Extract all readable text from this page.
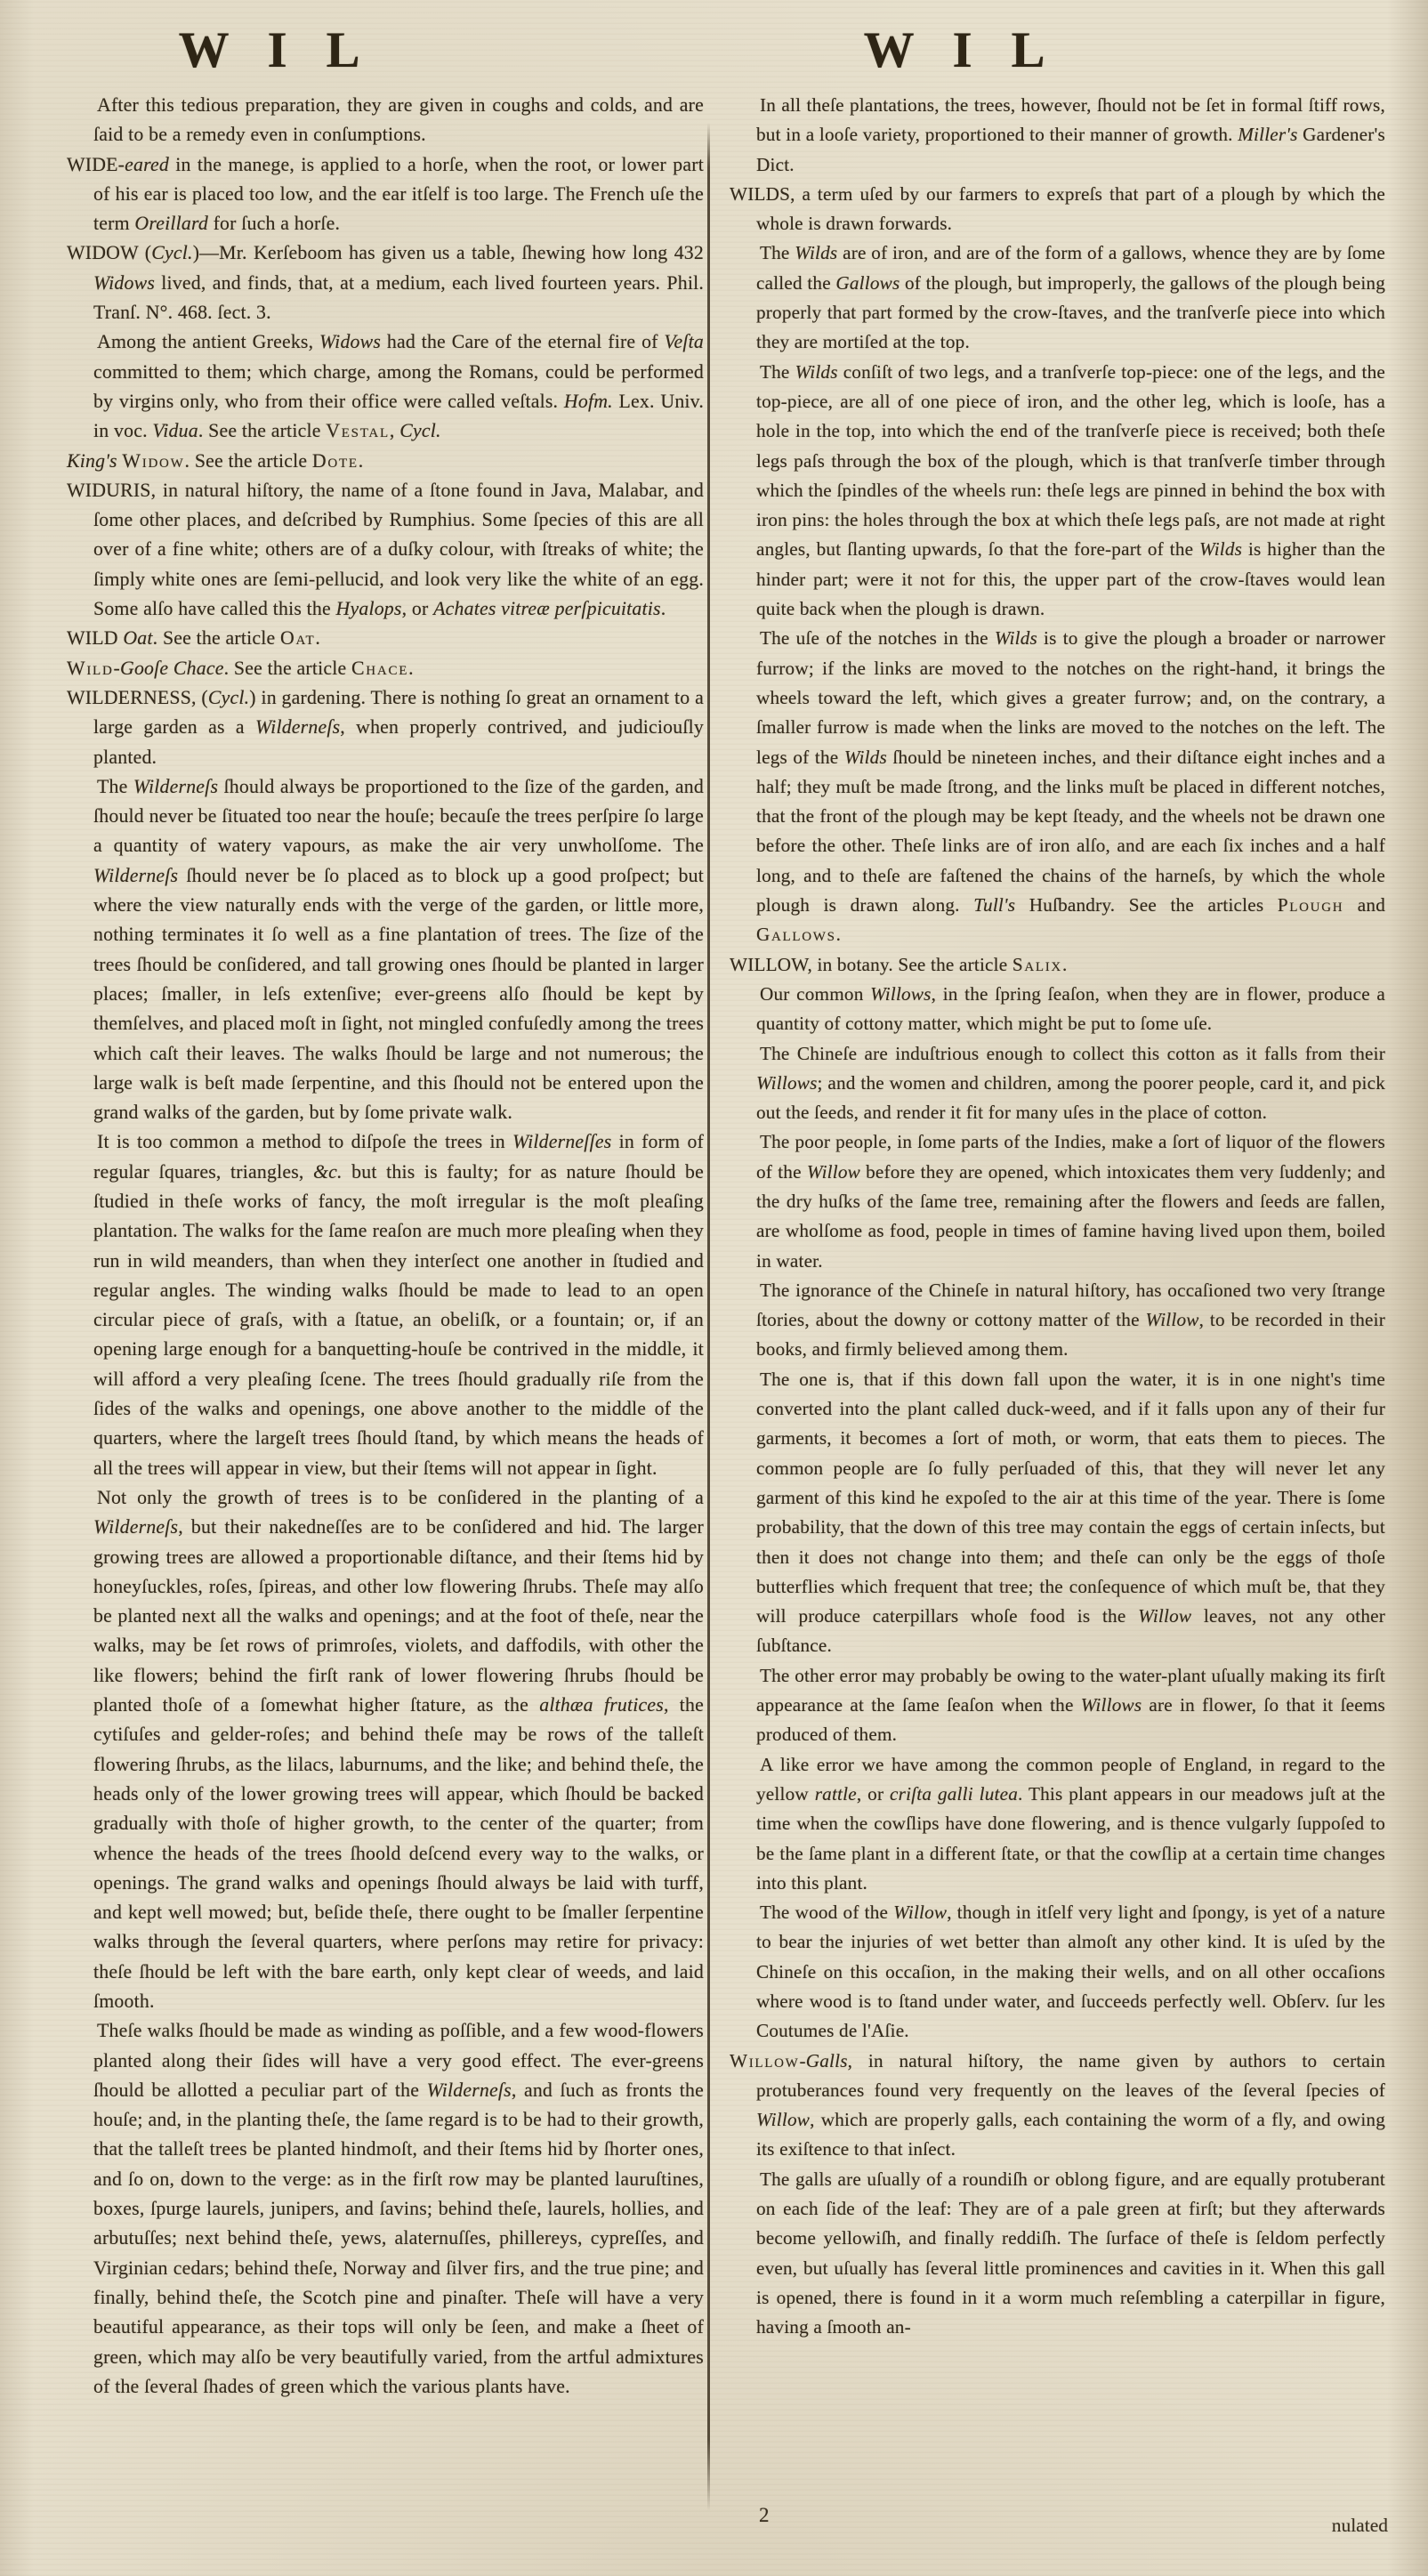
W I L	W I L

After this tedious preparation, they are given in coughs and colds, and are ſaid to be a remedy even in conſumptions.

WIDE-eared in the manege, is applied to a horſe, when the root, or lower part of his ear is placed too low, and the ear itſelf is too large. The French uſe the term Oreillard for ſuch a horſe.

WIDOW (Cycl.)—Mr. Kerſeboom has given us a table, ſhewing how long 432 Widows lived, and finds, that, at a medium, each lived fourteen years. Phil. Tranſ. N°. 468. ſect. 3.

Among the antient Greeks, Widows had the Care of the eternal fire of Veſta committed to them; which charge, among the Romans, could be performed by virgins only, who from their office were called veſtals. Hofm. Lex. Univ. in voc. Vidua. See the article Vestal, Cycl.

King's Widow. See the article Dote.

WIDURIS, in natural hiſtory, the name of a ſtone found in Java, Malabar, and ſome other places, and deſcribed by Rumphius. Some ſpecies of this are all over of a fine white; others are of a duſky colour, with ſtreaks of white; the ſimply white ones are ſemi-pellucid, and look very like the white of an egg. Some alſo have called this the Hyalops, or Achates vitreæ perſpicuitatis.

WILD Oat. See the article Oat.

Wild-Gooſe Chace. See the article Chace.

WILDERNESS, (Cycl.) in gardening. There is nothing ſo great an ornament to a large garden as a Wilderneſs, when properly contrived, and judiciouſly planted.

The Wilderneſs ſhould always be proportioned to the ſize of the garden, and ſhould never be ſituated too near the houſe; becauſe the trees perſpire ſo large a quantity of watery vapours, as make the air very unwholſome. The Wilderneſs ſhould never be ſo placed as to block up a good proſpect; but where the view naturally ends with the verge of the garden, or little more, nothing terminates it ſo well as a fine plantation of trees. The ſize of the trees ſhould be conſidered, and tall growing ones ſhould be planted in larger places; ſmaller, in leſs extenſive; ever-greens alſo ſhould be kept by themſelves, and placed moſt in ſight, not mingled confuſedly among the trees which caſt their leaves. The walks ſhould be large and not numerous; the large walk is beſt made ſerpentine, and this ſhould not be entered upon the grand walks of the garden, but by ſome private walk.

It is too common a method to diſpoſe the trees in Wilderneſſes in form of regular ſquares, triangles, &c. but this is faulty; for as nature ſhould be ſtudied in theſe works of fancy, the moſt irregular is the moſt pleaſing plantation. The walks for the ſame reaſon are much more pleaſing when they run in wild meanders, than when they interſect one another in ſtudied and regular angles. The winding walks ſhould be made to lead to an open circular piece of graſs, with a ſtatue, an obeliſk, or a fountain; or, if an opening large enough for a banquetting-houſe be contrived in the middle, it will afford a very pleaſing ſcene. The trees ſhould gradually riſe from the ſides of the walks and openings, one above another to the middle of the quarters, where the largeſt trees ſhould ſtand, by which means the heads of all the trees will appear in view, but their ſtems will not appear in ſight.

Not only the growth of trees is to be conſidered in the planting of a Wilderneſs, but their nakedneſſes are to be conſidered and hid. The larger growing trees are allowed a proportionable diſtance, and their ſtems hid by honeyſuckles, roſes, ſpireas, and other low flowering ſhrubs. Theſe may alſo be planted next all the walks and openings; and at the foot of theſe, near the walks, may be ſet rows of primroſes, violets, and daffodils, with other the like flowers; behind the firſt rank of lower flowering ſhrubs ſhould be planted thoſe of a ſomewhat higher ſtature, as the althæa frutices, the cytiſuſes and gelder-roſes; and behind theſe may be rows of the talleſt flowering ſhrubs, as the lilacs, laburnums, and the like; and behind theſe, the heads only of the lower growing trees will appear, which ſhould be backed gradually with thoſe of higher growth, to the center of the quarter; from whence the heads of the trees ſhoold deſcend every way to the walks, or openings. The grand walks and openings ſhould always be laid with turff, and kept well mowed; but, beſide theſe, there ought to be ſmaller ſerpentine walks through the ſeveral quarters, where perſons may retire for privacy: theſe ſhould be left with the bare earth, only kept clear of weeds, and laid ſmooth.

Theſe walks ſhould be made as winding as poſſible, and a few wood-flowers planted along their ſides will have a very good effect. The ever-greens ſhould be allotted a peculiar part of the Wilderneſs, and ſuch as fronts the houſe; and, in the planting theſe, the ſame regard is to be had to their growth, that the talleſt trees be planted hindmoſt, and their ſtems hid by ſhorter ones, and ſo on, down to the verge: as in the firſt row may be planted lauruſtines, boxes, ſpurge laurels, junipers, and ſavins; behind theſe, laurels, hollies, and arbutuſſes; next behind theſe, yews, alaternuſſes, phillereys, cypreſſes, and Virginian cedars; behind theſe, Norway and ſilver firs, and the true pine; and finally, behind theſe, the Scotch pine and pinaſter. Theſe will have a very beautiful appearance, as their tops will only be ſeen, and make a ſheet of green, which may alſo be very beautifully varied, from the artful admixtures of the ſeveral ſhades of green which the various plants have.

In all theſe plantations, the trees, however, ſhould not be ſet in formal ſtiff rows, but in a looſe variety, proportioned to their manner of growth. Miller's Gardener's Dict.

WILDS, a term uſed by our farmers to expreſs that part of a plough by which the whole is drawn forwards.

The Wilds are of iron, and are of the form of a gallows, whence they are by ſome called the Gallows of the plough, but improperly, the gallows of the plough being properly that part formed by the crow-ſtaves, and the tranſverſe piece into which they are mortiſed at the top.

The Wilds conſiſt of two legs, and a tranſverſe top-piece: one of the legs, and the top-piece, are all of one piece of iron, and the other leg, which is looſe, has a hole in the top, into which the end of the tranſverſe piece is received; both theſe legs paſs through the box of the plough, which is that tranſverſe timber through which the ſpindles of the wheels run: theſe legs are pinned in behind the box with iron pins: the holes through the box at which theſe legs paſs, are not made at right angles, but ſlanting upwards, ſo that the fore-part of the Wilds is higher than the hinder part; were it not for this, the upper part of the crow-ſtaves would lean quite back when the plough is drawn.

The uſe of the notches in the Wilds is to give the plough a broader or narrower furrow; if the links are moved to the notches on the right-hand, it brings the wheels toward the left, which gives a greater furrow; and, on the contrary, a ſmaller furrow is made when the links are moved to the notches on the left. The legs of the Wilds ſhould be nineteen inches, and their diſtance eight inches and a half; they muſt be made ſtrong, and the links muſt be placed in different notches, that the front of the plough may be kept ſteady, and the wheels not be drawn one before the other. Theſe links are of iron alſo, and are each ſix inches and a half long, and to theſe are faſtened the chains of the harneſs, by which the whole plough is drawn along. Tull's Huſbandry. See the articles Plough and Gallows.

WILLOW, in botany. See the article Salix.

Our common Willows, in the ſpring ſeaſon, when they are in flower, produce a quantity of cottony matter, which might be put to ſome uſe.

The Chineſe are induſtrious enough to collect this cotton as it falls from their Willows; and the women and children, among the poorer people, card it, and pick out the ſeeds, and render it fit for many uſes in the place of cotton.

The poor people, in ſome parts of the Indies, make a ſort of liquor of the flowers of the Willow before they are opened, which intoxicates them very ſuddenly; and the dry huſks of the ſame tree, remaining after the flowers and ſeeds are fallen, are wholſome as food, people in times of famine having lived upon them, boiled in water.

The ignorance of the Chineſe in natural hiſtory, has occaſioned two very ſtrange ſtories, about the downy or cottony matter of the Willow, to be recorded in their books, and firmly believed among them.

The one is, that if this down fall upon the water, it is in one night's time converted into the plant called duck-weed, and if it falls upon any of their fur garments, it becomes a ſort of moth, or worm, that eats them to pieces. The common people are ſo fully perſuaded of this, that they will never let any garment of this kind he expoſed to the air at this time of the year. There is ſome probability, that the down of this tree may contain the eggs of certain inſects, but then it does not change into them; and theſe can only be the eggs of thoſe butterflies which frequent that tree; the conſequence of which muſt be, that they will produce caterpillars whoſe food is the Willow leaves, not any other ſubſtance.

The other error may probably be owing to the water-plant uſually making its firſt appearance at the ſame ſeaſon when the Willows are in flower, ſo that it ſeems produced of them.

A like error we have among the common people of England, in regard to the yellow rattle, or criſta galli lutea. This plant appears in our meadows juſt at the time when the cowſlips have done flowering, and is thence vulgarly ſuppoſed to be the ſame plant in a different ſtate, or that the cowſlip at a certain time changes into this plant.

The wood of the Willow, though in itſelf very light and ſpongy, is yet of a nature to bear the injuries of wet better than almoſt any other kind. It is uſed by the Chineſe on this occaſion, in the making their wells, and on all other occaſions where wood is to ſtand under water, and ſucceeds perfectly well. Obſerv. ſur les Coutumes de l'Aſie.

Willow-Galls, in natural hiſtory, the name given by authors to certain protuberances found very frequently on the leaves of the ſeveral ſpecies of Willow, which are properly galls, each containing the worm of a fly, and owing its exiſtence to that inſect.

The galls are uſually of a roundiſh or oblong figure, and are equally protuberant on each ſide of the leaf: They are of a pale green at firſt; but they afterwards become yellowiſh, and finally reddiſh. The ſurface of theſe is ſeldom perfectly even, but uſually has ſeveral little prominences and cavities in it. When this gall is opened, there is found in it a worm much reſembling a caterpillar in figure, having a ſmooth an-

2	nulated
